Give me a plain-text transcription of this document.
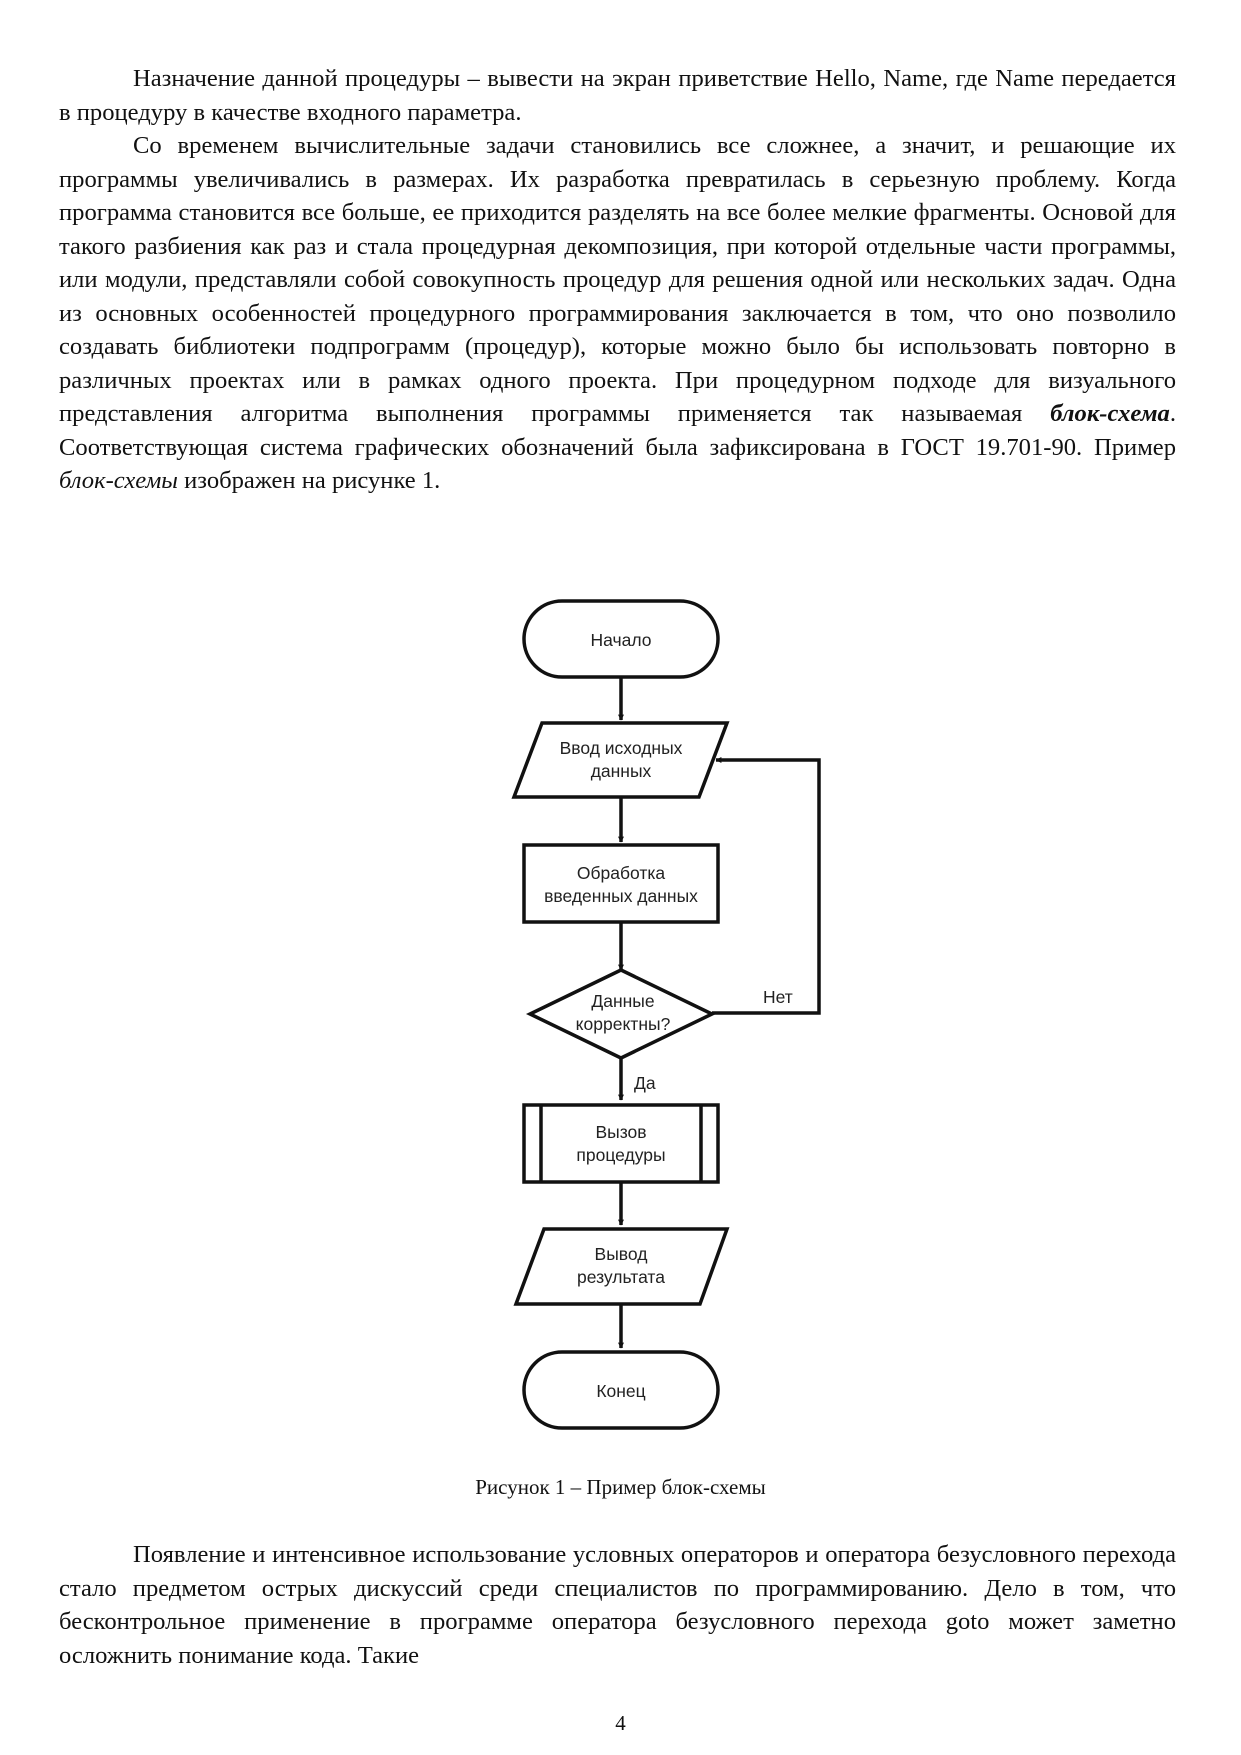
Назначение данной процедуры – вывести на экран приветствие Hello, Name, где Name передается в процедуру в качестве входного параметра.

Со временем вычислительные задачи становились все сложнее, а значит, и решающие их программы увеличивались в размерах. Их разработка превратилась в серьезную проблему. Когда программа становится все больше, ее приходится разделять на все более мелкие фрагменты. Основой для такого разбиения как раз и стала процедурная декомпозиция, при которой отдельные части программы, или модули, представляли собой совокупность процедур для решения одной или нескольких задач. Одна из основных особенностей процедурного программирования заключается в том, что оно позволило создавать библиотеки подпрограмм (процедур), которые можно было бы использовать повторно в различных проектах или в рамках одного проекта. При процедурном подходе для визуального представления алгоритма выполнения программы применяется так называемая блок-схема. Соответствующая система графических обозначений была зафиксирована в ГОСТ 19.701-90. Пример блок-схемы изображен на рисунке 1.

Начало
Ввод исходных
данных
Обработка
введенных данных
Данные
корректны?
Нет
Да
Вызов
процедуры
Вывод
результата
Конец

Рисунок 1 – Пример блок-схемы

Появление и интенсивное использование условных операторов и оператора безусловного перехода стало предметом острых дискуссий среди специалистов по программированию. Дело в том, что бесконтрольное применение в программе оператора безусловного перехода goto может заметно осложнить понимание кода. Такие

4
